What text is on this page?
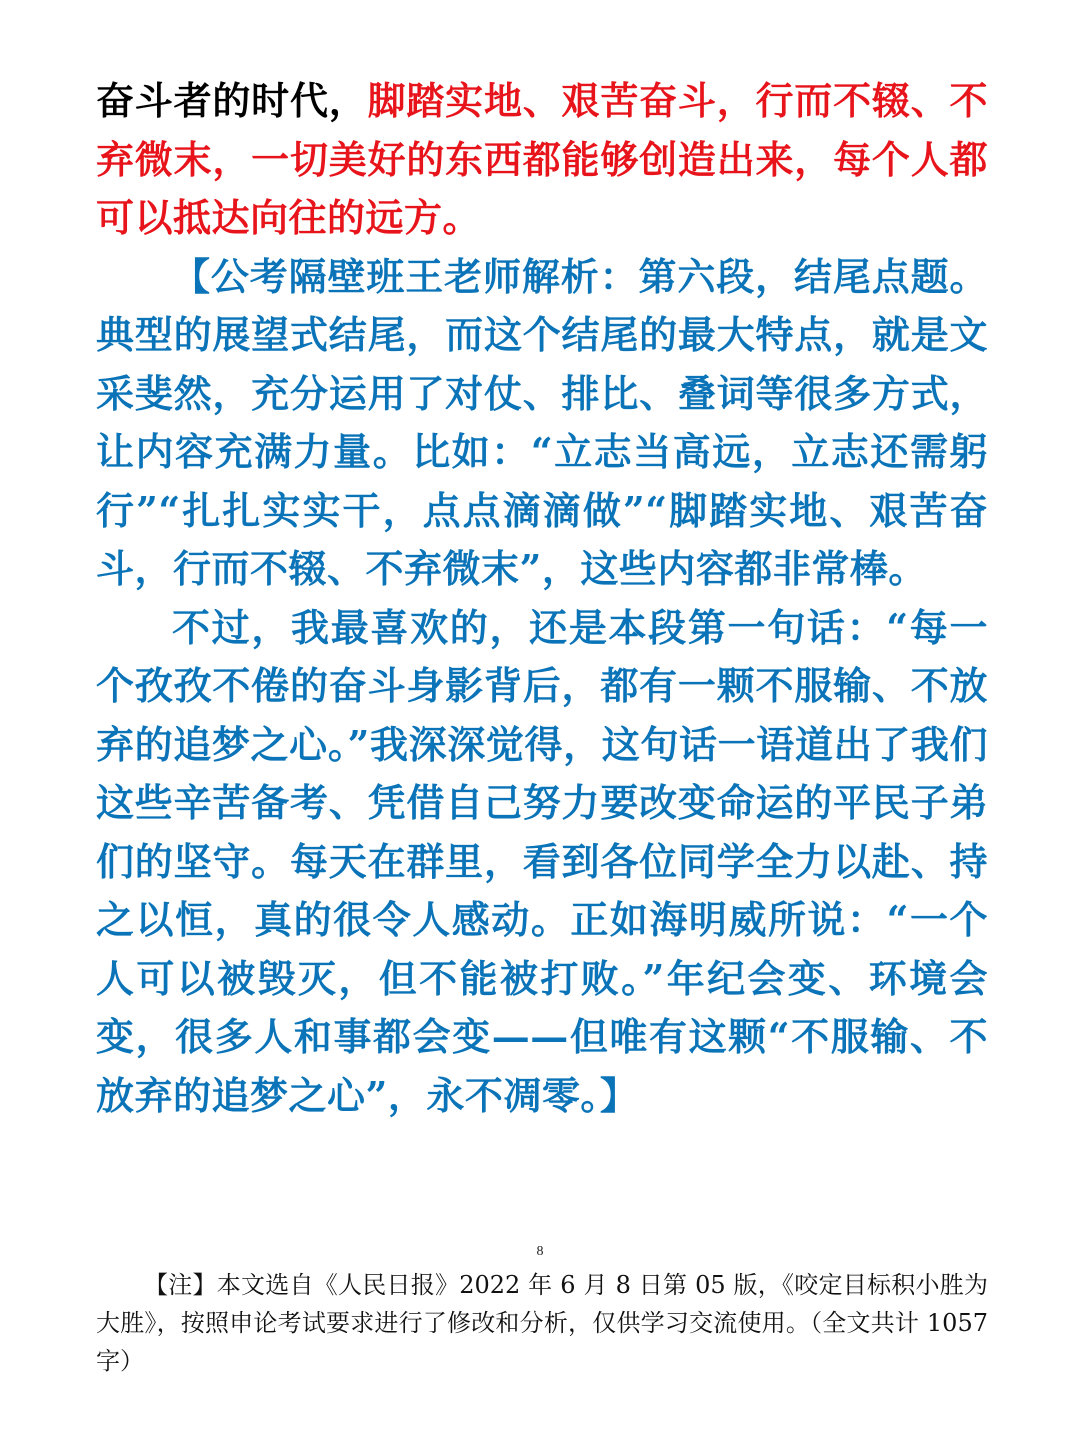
奋斗者的时代，脚踏实地、艰苦奋斗，行而不辍、不弃微末，一切美好的东西都能够创造出来，每个人都可以抵达向往的远方。

【公考隔壁班王老师解析：第六段，结尾点题。典型的展望式结尾，而这个结尾的最大特点，就是文采斐然，充分运用了对仗、排比、叠词等很多方式，让内容充满力量。比如：“立志当高远，立志还需躬行”“扎扎实实干，点点滴滴做”“脚踏实地、艰苦奋斗，行而不辍、不弃微末”，这些内容都非常棒。

不过，我最喜欢的，还是本段第一句话：“每一个孜孜不倦的奋斗身影背后，都有一颗不服输、不放弃的追梦之心。”我深深觉得，这句话一语道出了我们这些辛苦备考、凭借自己努力要改变命运的平民子弟们的坚守。每天在群里，看到各位同学全力以赴、持之以恒，真的很令人感动。正如海明威所说：“一个人可以被毁灭，但不能被打败。”年纪会变、环境会变，很多人和事都会变——但唯有这颗“不服输、不放弃的追梦之心”，永不凋零。】

8
【注】本文选自《人民日报》2022 年 6 月 8 日第 05 版，《咬定目标积小胜为大胜》，按照申论考试要求进行了修改和分析，仅供学习交流使用。（全文共计 1057 字）
